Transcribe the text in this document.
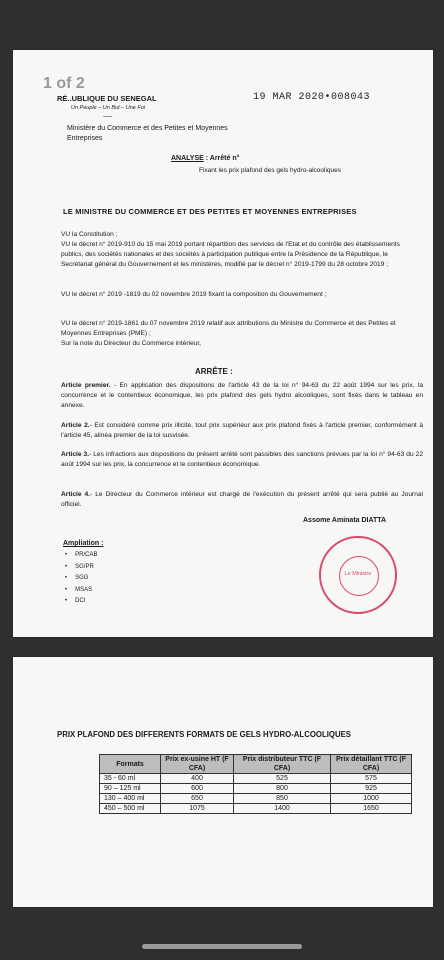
1 of 2
RÉ..UBLIQUE DU SENEGAL
Un Peuple – Un But – Une Foi
------------
19 MAR 2020•008043
Ministère du Commerce et des Petites et Moyennes Entreprises
ANALYSE : Arrêté n°
Fixant les prix plafond des gels hydro-alcooliques
LE MINISTRE DU COMMERCE ET DES PETITES ET MOYENNES ENTREPRISES
VU la Constitution ;
VU le décret n° 2019-910 du 15 mai 2019 portant répartition des services de l'Etat et du contrôle des établissements publics, des sociétés nationales et des sociétés à participation publique entre la Présidence de la République, le Secrétariat général du Gouvernement et les ministères, modifié par le décret n° 2019-1799 du 28 octobre 2019 ;
VU le décret n° 2019 -1819 du 02 novembre 2019 fixant la composition du Gouvernement ;
VU le décret n° 2019-1861 du 07 novembre 2019 relatif aux attributions du Ministre du Commerce et des Petites et Moyennes Entreprises (PME) ;
Sur la note du Directeur du Commerce intérieur,
ARRÊTE :
Article premier. - En application des dispositions de l'article 43 de la loi n° 94-63 du 22 août 1994 sur les prix, la concurrence et le contentieux économique, les prix plafond des gels hydro alcooliques, sont fixés dans le tableau en annexe.
Article 2.- Est considéré comme prix illicite, tout prix supérieur aux prix plafond fixés à l'article premier, conformément à l'article 45, alinéa premier de la loi susvisée.
Article 3.- Les infractions aux dispositions du présent arrêté sont passibles des sanctions prévues par la loi n° 94-63 du 22 août 1994 sur les prix, la concurrence et le contentieux économique.
Article 4.- Le Directeur du Commerce intérieur est chargé de l'exécution du présent arrêté qui sera publié au Journal officiel.
Assome Aminata DIATTA
Ampliation :
• PR/CAB
• SG/PR
• SGG
• MSAS
• DCI
Le Ministre
PRIX PLAFOND DES DIFFERENTS FORMATS DE GELS HYDRO-ALCOOLIQUES
Formats	Prix ex-usine HT (F CFA)	Prix distributeur TTC (F CFA)	Prix détaillant TTC (F CFA)
35 - 60 ml	400	525	575
90 – 125 ml	600	800	925
130 – 400 ml	650	850	1000
450 – 500 ml	1075	1400	1650
